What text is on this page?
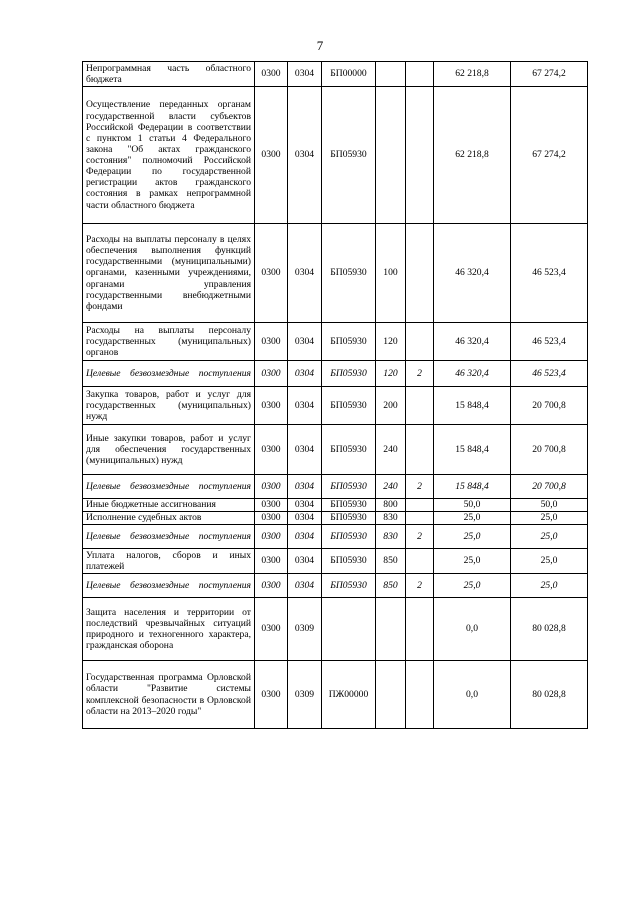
7
Непрограммная часть областного бюджета	0300	0304	БП00000			62 218,8	67 274,2
Осуществление переданных органам государственной власти субъектов Российской Федерации в соответствии с пунктом 1 статьи 4 Федерального закона "Об актах гражданского состояния" полномочий Российской Федерации по государственной регистрации актов гражданского состояния в рамках непрограммной части областного бюджета	0300	0304	БП05930			62 218,8	67 274,2
Расходы на выплаты персоналу в целях обеспечения выполнения функций государственными (муниципальными) органами, казенными учреждениями, органами управления государственными внебюджетными фондами	0300	0304	БП05930	100		46 320,4	46 523,4
Расходы на выплаты персоналу государственных (муниципальных) органов	0300	0304	БП05930	120		46 320,4	46 523,4
Целевые безвозмездные поступления	0300	0304	БП05930	120	2	46 320,4	46 523,4
Закупка товаров, работ и услуг для государственных (муниципальных) нужд	0300	0304	БП05930	200		15 848,4	20 700,8
Иные закупки товаров, работ и услуг для обеспечения государственных (муниципальных) нужд	0300	0304	БП05930	240		15 848,4	20 700,8
Целевые безвозмездные поступления	0300	0304	БП05930	240	2	15 848,4	20 700,8
Иные бюджетные ассигнования	0300	0304	БП05930	800		50,0	50,0
Исполнение судебных актов	0300	0304	БП05930	830		25,0	25,0
Целевые безвозмездные поступления	0300	0304	БП05930	830	2	25,0	25,0
Уплата налогов, сборов и иных платежей	0300	0304	БП05930	850		25,0	25,0
Целевые безвозмездные поступления	0300	0304	БП05930	850	2	25,0	25,0
Защита населения и территории от последствий чрезвычайных ситуаций природного и техногенного характера, гражданская оборона	0300	0309				0,0	80 028,8
Государственная программа Орловской области "Развитие системы комплексной безопасности в Орловской области на 2013–2020 годы"	0300	0309	ПЖ00000			0,0	80 028,8
